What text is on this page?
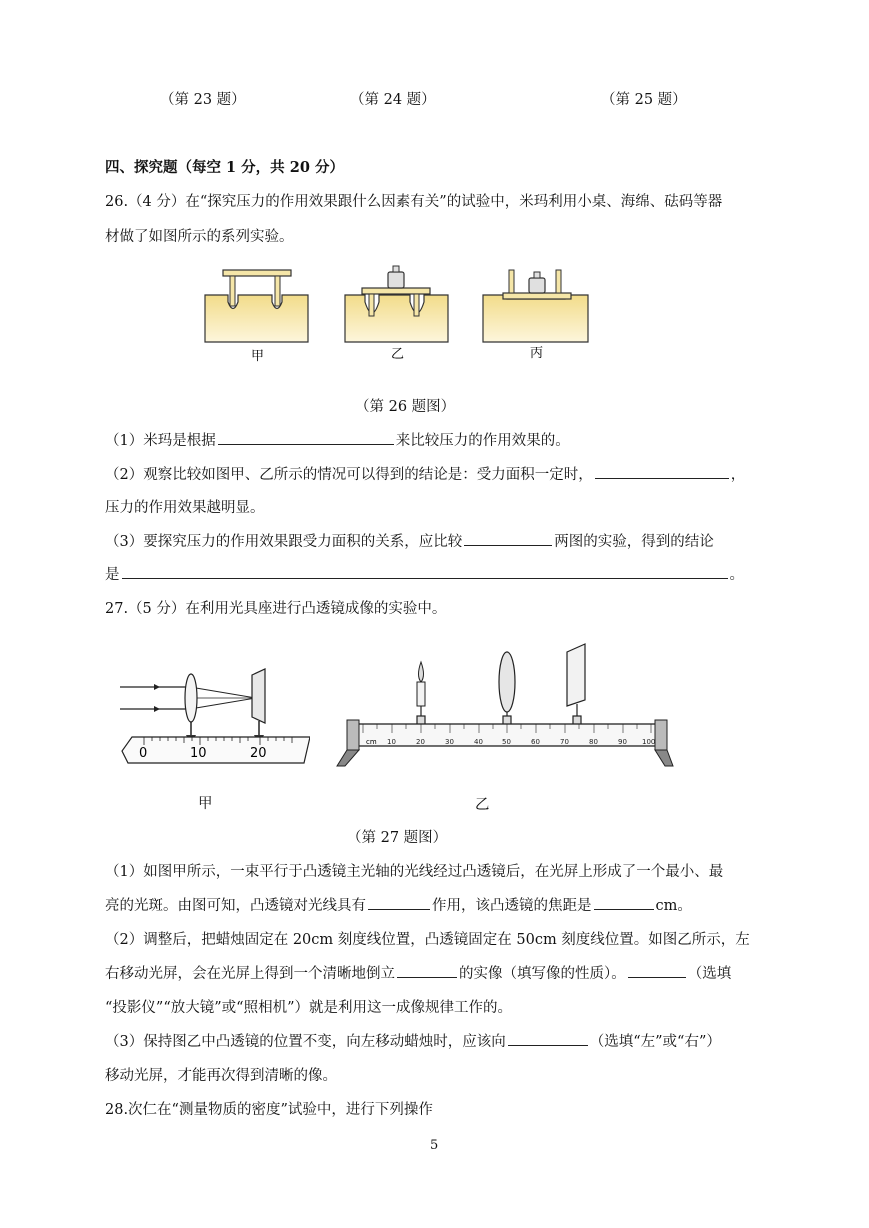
（第 23 题）	（第 24 题）	（第 25 题）
四、探究题（每空 1 分，共 20 分）
26.（4 分）在“探究压力的作用效果跟什么因素有关”的试验中，米玛利用小桌、海绵、砝码等器
材做了如图所示的系列实验。
甲	乙	丙
（第 26 题图）
（1）米玛是根据	来比较压力的作用效果的。
（2）观察比较如图甲、乙所示的情况可以得到的结论是：受力面积一定时，	，
压力的作用效果越明显。
（3）要探究压力的作用效果跟受力面积的关系，应比较	两图的实验，得到的结论
是	。
27.（5 分）在利用光具座进行凸透镜成像的实验中。
0	10	20
甲
cm 10	20	30	40	50	60	70	80	90 100
乙
（第 27 题图）
（1）如图甲所示，一束平行于凸透镜主光轴的光线经过凸透镜后，在光屏上形成了一个最小、最
亮的光斑。由图可知，凸透镜对光线具有	作用，该凸透镜的焦距是	cm。
（2）调整后，把蜡烛固定在 20cm 刻度线位置，凸透镜固定在 50cm 刻度线位置。如图乙所示，左
右移动光屏，会在光屏上得到一个清晰地倒立	的实像（填写像的性质）。	（选填
“投影仪”“放大镜”或“照相机”）就是利用这一成像规律工作的。
（3）保持图乙中凸透镜的位置不变，向左移动蜡烛时，应该向	（选填“左”或“右”）
移动光屏，才能再次得到清晰的像。
28.次仁在“测量物质的密度”试验中，进行下列操作
5
